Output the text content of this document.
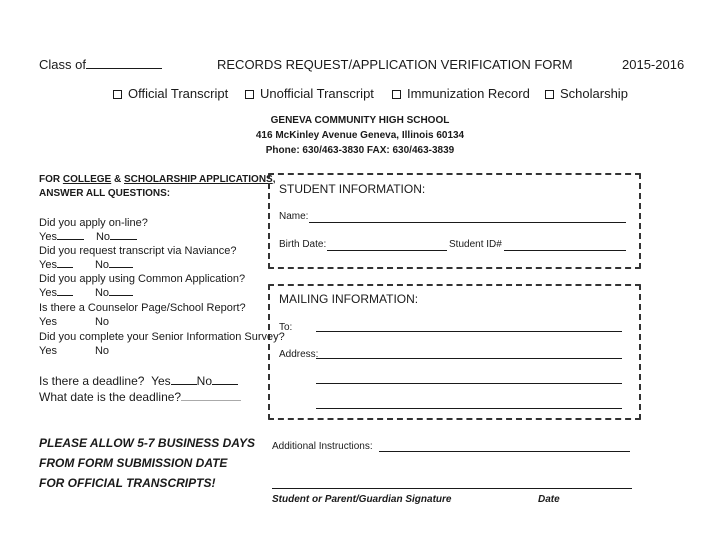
Class of	RECORDS REQUEST/APPLICATION VERIFICATION FORM	2015-2016
Official Transcript	Unofficial Transcript	Immunization Record	Scholarship
GENEVA COMMUNITY HIGH SCHOOL
416 McKinley Avenue Geneva, Illinois 60134
Phone: 630/463-3830 FAX: 630/463-3839
FOR COLLEGE & SCHOLARSHIP APPLICATIONS,
ANSWER ALL QUESTIONS:
Did you apply on-line?
Yes	No
Did you request transcript via Naviance?
Yes	No
Did you apply using Common Application?
Yes	No
Is there a Counselor Page/School Report?
Yes	No
Did you complete your Senior Information Survey?
Yes	No
Is there a deadline? Yes No
What date is the deadline?
PLEASE ALLOW 5-7 BUSINESS DAYS
FROM FORM SUBMISSION DATE
FOR OFFICIAL TRANSCRIPTS!
STUDENT INFORMATION:
Name:
Birth Date:	Student ID#
MAILING INFORMATION:
To:
Address:
Additional Instructions:
Student or Parent/Guardian Signature	Date
